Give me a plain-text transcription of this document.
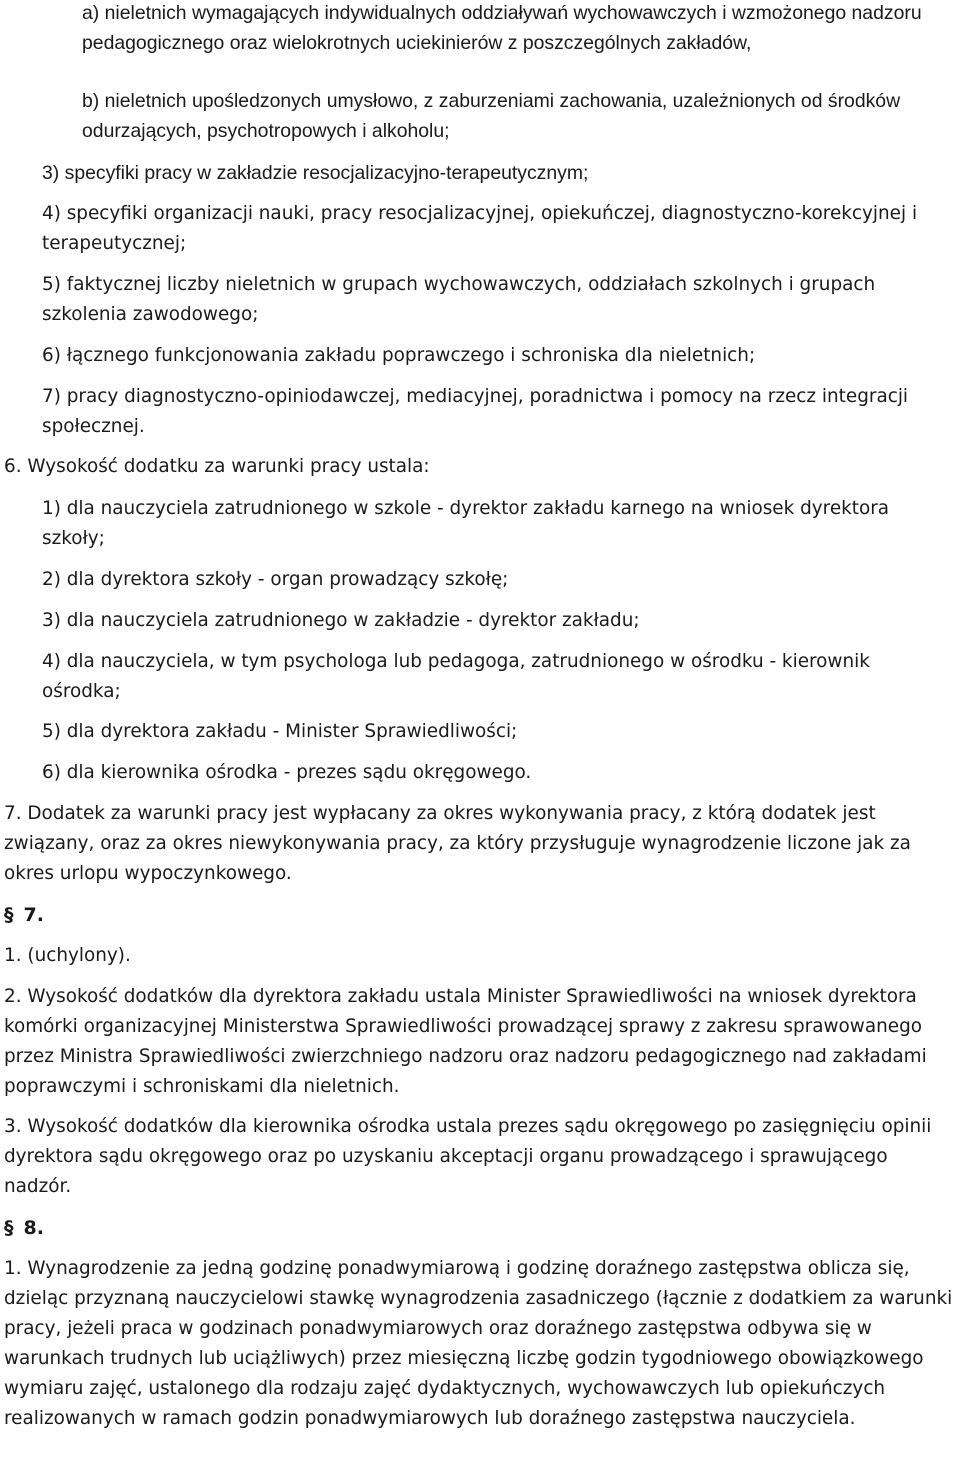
a) nieletnich wymagających indywidualnych oddziaływań wychowawczych i wzmożonego nadzoru pedagogicznego oraz wielokrotnych uciekinierów z poszczególnych zakładów,

b) nieletnich upośledzonych umysłowo, z zaburzeniami zachowania, uzależnionych od środków odurzających, psychotropowych i alkoholu;

3) specyfiki pracy w zakładzie resocjalizacyjno-terapeutycznym;

4) specyfiki organizacji nauki, pracy resocjalizacyjnej, opiekuńczej, diagnostyczno-korekcyjnej i terapeutycznej;

5) faktycznej liczby nieletnich w grupach wychowawczych, oddziałach szkolnych i grupach szkolenia zawodowego;

6) łącznego funkcjonowania zakładu poprawczego i schroniska dla nieletnich;

7) pracy diagnostyczno-opiniodawczej, mediacyjnej, poradnictwa i pomocy na rzecz integracji społecznej.

6. Wysokość dodatku za warunki pracy ustala:

1) dla nauczyciela zatrudnionego w szkole - dyrektor zakładu karnego na wniosek dyrektora szkoły;

2) dla dyrektora szkoły - organ prowadzący szkołę;

3) dla nauczyciela zatrudnionego w zakładzie - dyrektor zakładu;

4) dla nauczyciela, w tym psychologa lub pedagoga, zatrudnionego w ośrodku - kierownik ośrodka;

5) dla dyrektora zakładu - Minister Sprawiedliwości;

6) dla kierownika ośrodka - prezes sądu okręgowego.

7. Dodatek za warunki pracy jest wypłacany za okres wykonywania pracy, z którą dodatek jest związany, oraz za okres niewykonywania pracy, za który przysługuje wynagrodzenie liczone jak za okres urlopu wypoczynkowego.

§ 7.

1. (uchylony).

2. Wysokość dodatków dla dyrektora zakładu ustala Minister Sprawiedliwości na wniosek dyrektora komórki organizacyjnej Ministerstwa Sprawiedliwości prowadzącej sprawy z zakresu sprawowanego przez Ministra Sprawiedliwości zwierzchniego nadzoru oraz nadzoru pedagogicznego nad zakładami poprawczymi i schroniskami dla nieletnich.

3. Wysokość dodatków dla kierownika ośrodka ustala prezes sądu okręgowego po zasięgnięciu opinii dyrektora sądu okręgowego oraz po uzyskaniu akceptacji organu prowadzącego i sprawującego nadzór.

§ 8.

1. Wynagrodzenie za jedną godzinę ponadwymiarową i godzinę doraźnego zastępstwa oblicza się, dzieląc przyznaną nauczycielowi stawkę wynagrodzenia zasadniczego (łącznie z dodatkiem za warunki pracy, jeżeli praca w godzinach ponadwymiarowych oraz doraźnego zastępstwa odbywa się w warunkach trudnych lub uciążliwych) przez miesięczną liczbę godzin tygodniowego obowiązkowego wymiaru zajęć, ustalonego dla rodzaju zajęć dydaktycznych, wychowawczych lub opiekuńczych realizowanych w ramach godzin ponadwymiarowych lub doraźnego zastępstwa nauczyciela.
